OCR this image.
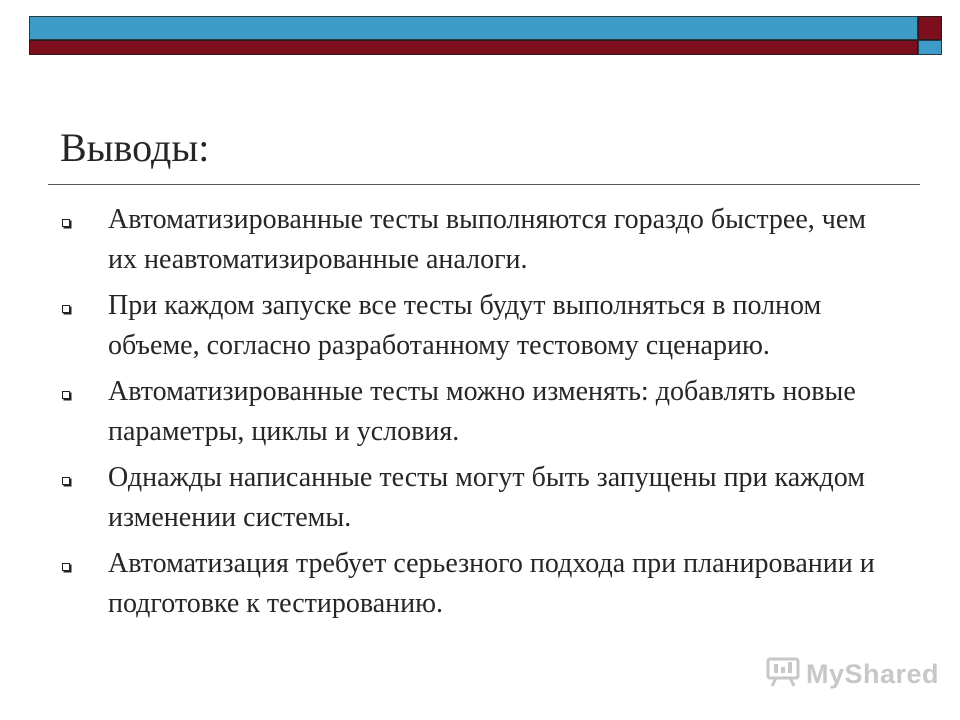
Выводы:
Автоматизированные тесты выполняются гораздо быстрее, чем их неавтоматизированные аналоги.
При каждом запуске все тесты будут выполняться в полном объеме, согласно разработанному тестовому сценарию.
Автоматизированные тесты можно изменять: добавлять новые параметры, циклы и условия.
Однажды написанные тесты могут быть запущены при каждом изменении системы.
Автоматизация требует серьезного подхода при планировании и подготовке к тестированию.
MyShared
